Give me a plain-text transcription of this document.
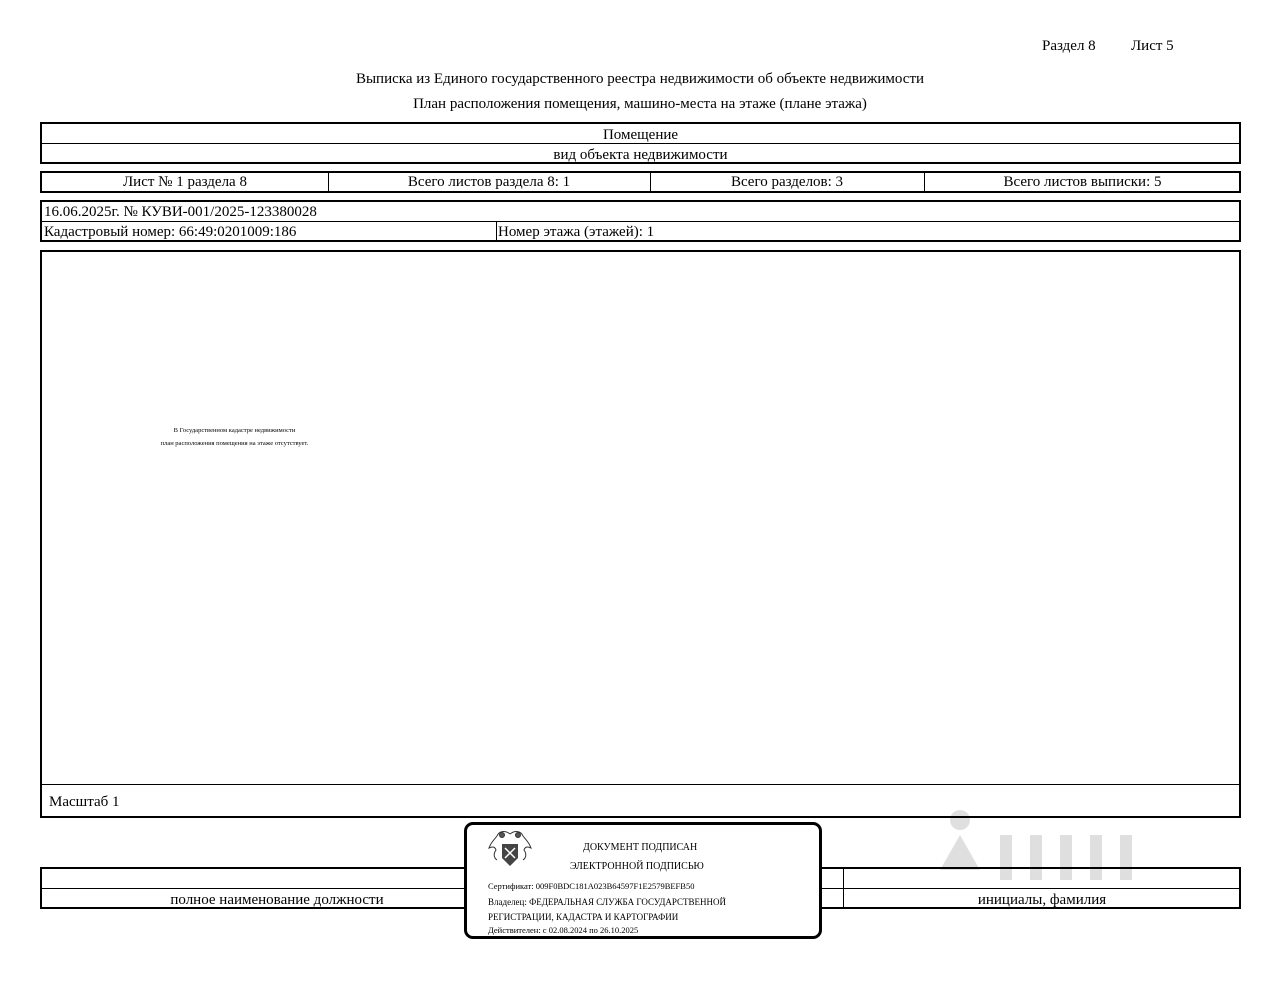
Раздел 8 Лист 5
Выписка из Единого государственного реестра недвижимости об объекте недвижимости
План расположения помещения, машино-места на этаже (плане этажа)
Помещение
вид объекта недвижимости
Лист № 1 раздела 8	Всего листов раздела 8: 1	Всего разделов: 3	Всего листов выписки: 5
16.06.2025г. № КУВИ-001/2025-123380028
Кадастровый номер: 66:49:0201009:186	Номер этажа (этажей): 1
В Государственном кадастре недвижимости
план расположения помещения на этаже отсутствует.
Масштаб 1
полное наименование должности	инициалы, фамилия
ДОКУМЕНТ ПОДПИСАН
ЭЛЕКТРОННОЙ ПОДПИСЬЮ
Сертификат: 009F0BDC181A023B64597F1E2579BEFB50
Владелец: ФЕДЕРАЛЬНАЯ СЛУЖБА ГОСУДАРСТВЕННОЙ
РЕГИСТРАЦИИ, КАДАСТРА И КАРТОГРАФИИ
Действителен: с 02.08.2024 по 26.10.2025
